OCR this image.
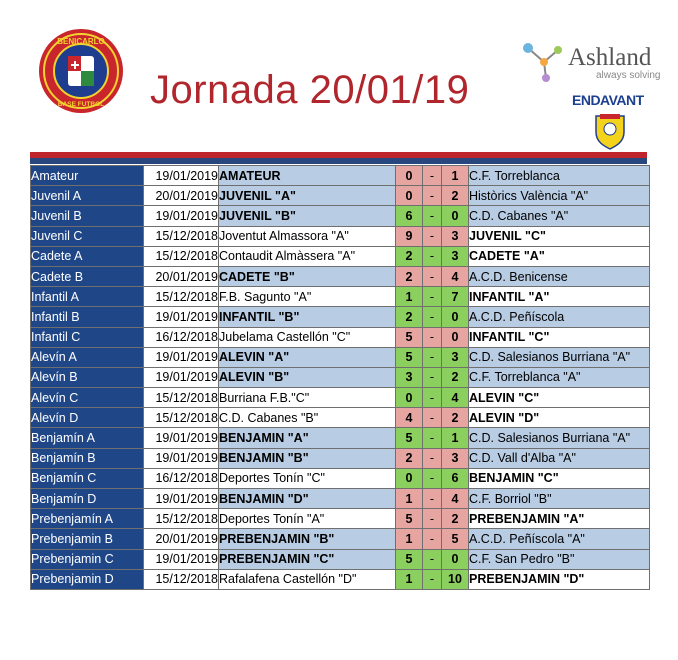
BENICARLO
BASE FUTBOL Jornada 20/01/19
Ashland
always solving
ENDAVANT
Amateur	19/01/2019	AMATEUR	0	-	1	C.F. Torreblanca
Juvenil A	20/01/2019	JUVENIL "A"	0	-	2	Històrics València "A"
Juvenil B	19/01/2019	JUVENIL "B"	6	-	0	C.D. Cabanes "A"
Juvenil C	15/12/2018	Joventut Almassora "A"	9	-	3	JUVENIL "C"
Cadete A	15/12/2018	Contaudit Almàssera "A"	2	-	3	CADETE "A"
Cadete B	20/01/2019	CADETE "B"	2	-	4	A.C.D. Benicense
Infantil A	15/12/2018	F.B. Sagunto "A"	1	-	7	INFANTIL "A"
Infantil B	19/01/2019	INFANTIL "B"	2	-	0	A.C.D. Peñíscola
Infantil C	16/12/2018	Jubelama Castellón "C"	5	-	0	INFANTIL "C"
Alevín A	19/01/2019	ALEVIN "A"	5	-	3	C.D. Salesianos Burriana "A"
Alevín B	19/01/2019	ALEVIN "B"	3	-	2	C.F. Torreblanca "A"
Alevín C	15/12/2018	Burriana F.B."C"	0	-	4	ALEVIN "C"
Alevín D	15/12/2018	C.D. Cabanes "B"	4	-	2	ALEVIN "D"
Benjamín A	19/01/2019	BENJAMIN "A"	5	-	1	C.D. Salesianos Burriana "A"
Benjamín B	19/01/2019	BENJAMIN "B"	2	-	3	C.D. Vall d'Alba "A"
Benjamín C	16/12/2018	Deportes Tonín "C"	0	-	6	BENJAMIN "C"
Benjamín D	19/01/2019	BENJAMIN "D"	1	-	4	C.F. Borriol "B"
Prebenjamín A	15/12/2018	Deportes Tonín "A"	5	-	2	PREBENJAMIN "A"
Prebenjamin B	20/01/2019	PREBENJAMIN "B"	1	-	5	A.C.D. Peñíscola "A"
Prebenjamin C	19/01/2019	PREBENJAMIN "C"	5	-	0	C.F. San Pedro "B"
Prebenjamin D	15/12/2018	Rafalafena Castellón "D"	1	-	10	PREBENJAMIN "D"
